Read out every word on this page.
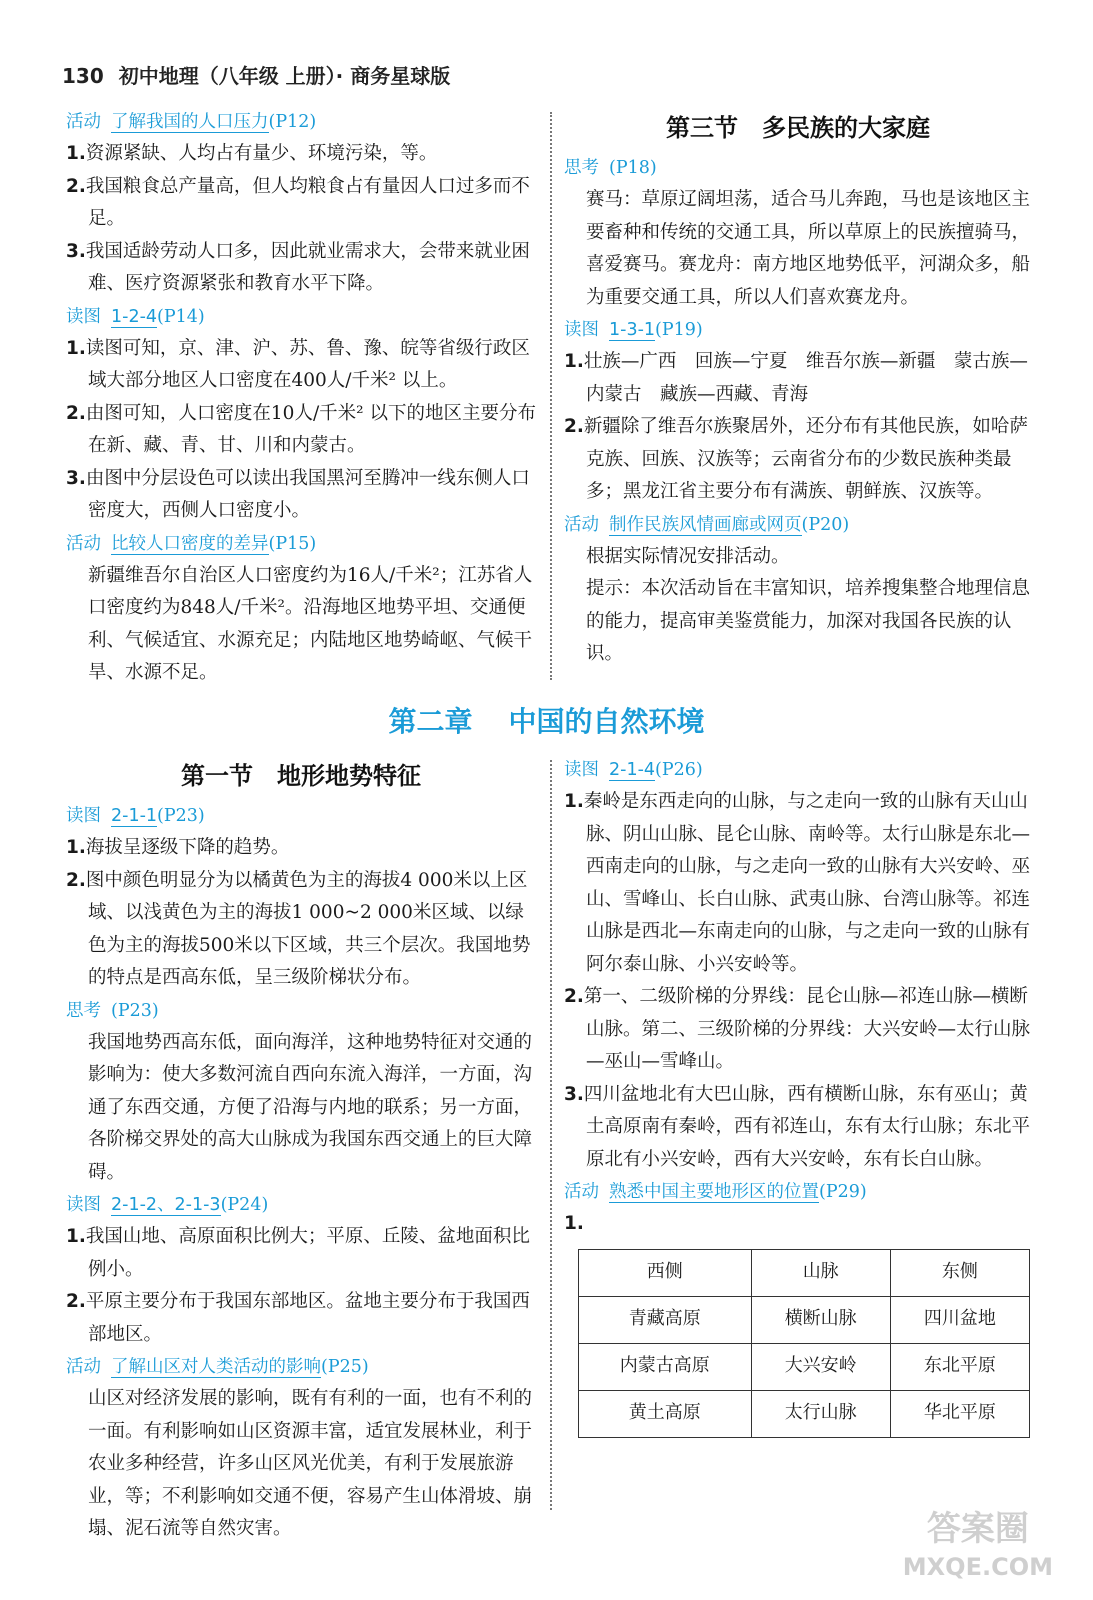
130 初中地理（八年级 上册）· 商务星球版

活动 了解我国的人口压力(P12)

1.资源紧缺、人均占有量少、环境污染，等。

2.我国粮食总产量高，但人均粮食占有量因人口过多而不足。

3.我国适龄劳动人口多，因此就业需求大，会带来就业困难、医疗资源紧张和教育水平下降。

读图 1-2-4(P14)

1.读图可知，京、津、沪、苏、鲁、豫、皖等省级行政区域大部分地区人口密度在400人/千米² 以上。

2.由图可知，人口密度在10人/千米² 以下的地区主要分布在新、藏、青、甘、川和内蒙古。

3.由图中分层设色可以读出我国黑河至腾冲一线东侧人口密度大，西侧人口密度小。

活动 比较人口密度的差异(P15)

新疆维吾尔自治区人口密度约为16人/千米²；江苏省人口密度约为848人/千米²。沿海地区地势平坦、交通便利、气候适宜、水源充足；内陆地区地势崎岖、气候干旱、水源不足。

第三节　多民族的大家庭

思考 (P18)

赛马：草原辽阔坦荡，适合马儿奔跑，马也是该地区主要畜种和传统的交通工具，所以草原上的民族擅骑马，喜爱赛马。赛龙舟：南方地区地势低平，河湖众多，船为重要交通工具，所以人们喜欢赛龙舟。

读图 1-3-1(P19)

1.壮族—广西　回族—宁夏　维吾尔族—新疆　蒙古族—内蒙古　藏族—西藏、青海

2.新疆除了维吾尔族聚居外，还分布有其他民族，如哈萨克族、回族、汉族等；云南省分布的少数民族种类最多；黑龙江省主要分布有满族、朝鲜族、汉族等。

活动 制作民族风情画廊或网页(P20)

根据实际情况安排活动。

提示：本次活动旨在丰富知识，培养搜集整合地理信息的能力，提高审美鉴赏能力，加深对我国各民族的认识。

第二章 中国的自然环境
第一节　地形地势特征

读图 2-1-1(P23)

1.海拔呈逐级下降的趋势。

2.图中颜色明显分为以橘黄色为主的海拔4 000米以上区域、以浅黄色为主的海拔1 000~2 000米区域、以绿色为主的海拔500米以下区域，共三个层次。我国地势的特点是西高东低，呈三级阶梯状分布。

思考 (P23)

我国地势西高东低，面向海洋，这种地势特征对交通的影响为：使大多数河流自西向东流入海洋，一方面，沟通了东西交通，方便了沿海与内地的联系；另一方面，各阶梯交界处的高大山脉成为我国东西交通上的巨大障碍。

读图 2-1-2、2-1-3(P24)

1.我国山地、高原面积比例大；平原、丘陵、盆地面积比例小。

2.平原主要分布于我国东部地区。盆地主要分布于我国西部地区。

活动 了解山区对人类活动的影响(P25)

山区对经济发展的影响，既有有利的一面，也有不利的一面。有利影响如山区资源丰富，适宜发展林业，利于农业多种经营，许多山区风光优美，有利于发展旅游业，等；不利影响如交通不便，容易产生山体滑坡、崩塌、泥石流等自然灾害。

读图 2-1-4(P26)

1.秦岭是东西走向的山脉，与之走向一致的山脉有天山山脉、阴山山脉、昆仑山脉、南岭等。太行山脉是东北—西南走向的山脉，与之走向一致的山脉有大兴安岭、巫山、雪峰山、长白山脉、武夷山脉、台湾山脉等。祁连山脉是西北—东南走向的山脉，与之走向一致的山脉有阿尔泰山脉、小兴安岭等。

2.第一、二级阶梯的分界线：昆仑山脉—祁连山脉—横断山脉。第二、三级阶梯的分界线：大兴安岭—太行山脉—巫山—雪峰山。

3.四川盆地北有大巴山脉，西有横断山脉，东有巫山；黄土高原南有秦岭，西有祁连山，东有太行山脉；东北平原北有小兴安岭，西有大兴安岭，东有长白山脉。

活动 熟悉中国主要地形区的位置(P29)

1.

西侧	山脉	东侧
青藏高原	横断山脉	四川盆地
内蒙古高原	大兴安岭	东北平原
黄土高原	太行山脉	华北平原
答案圈
MXQE.COM
